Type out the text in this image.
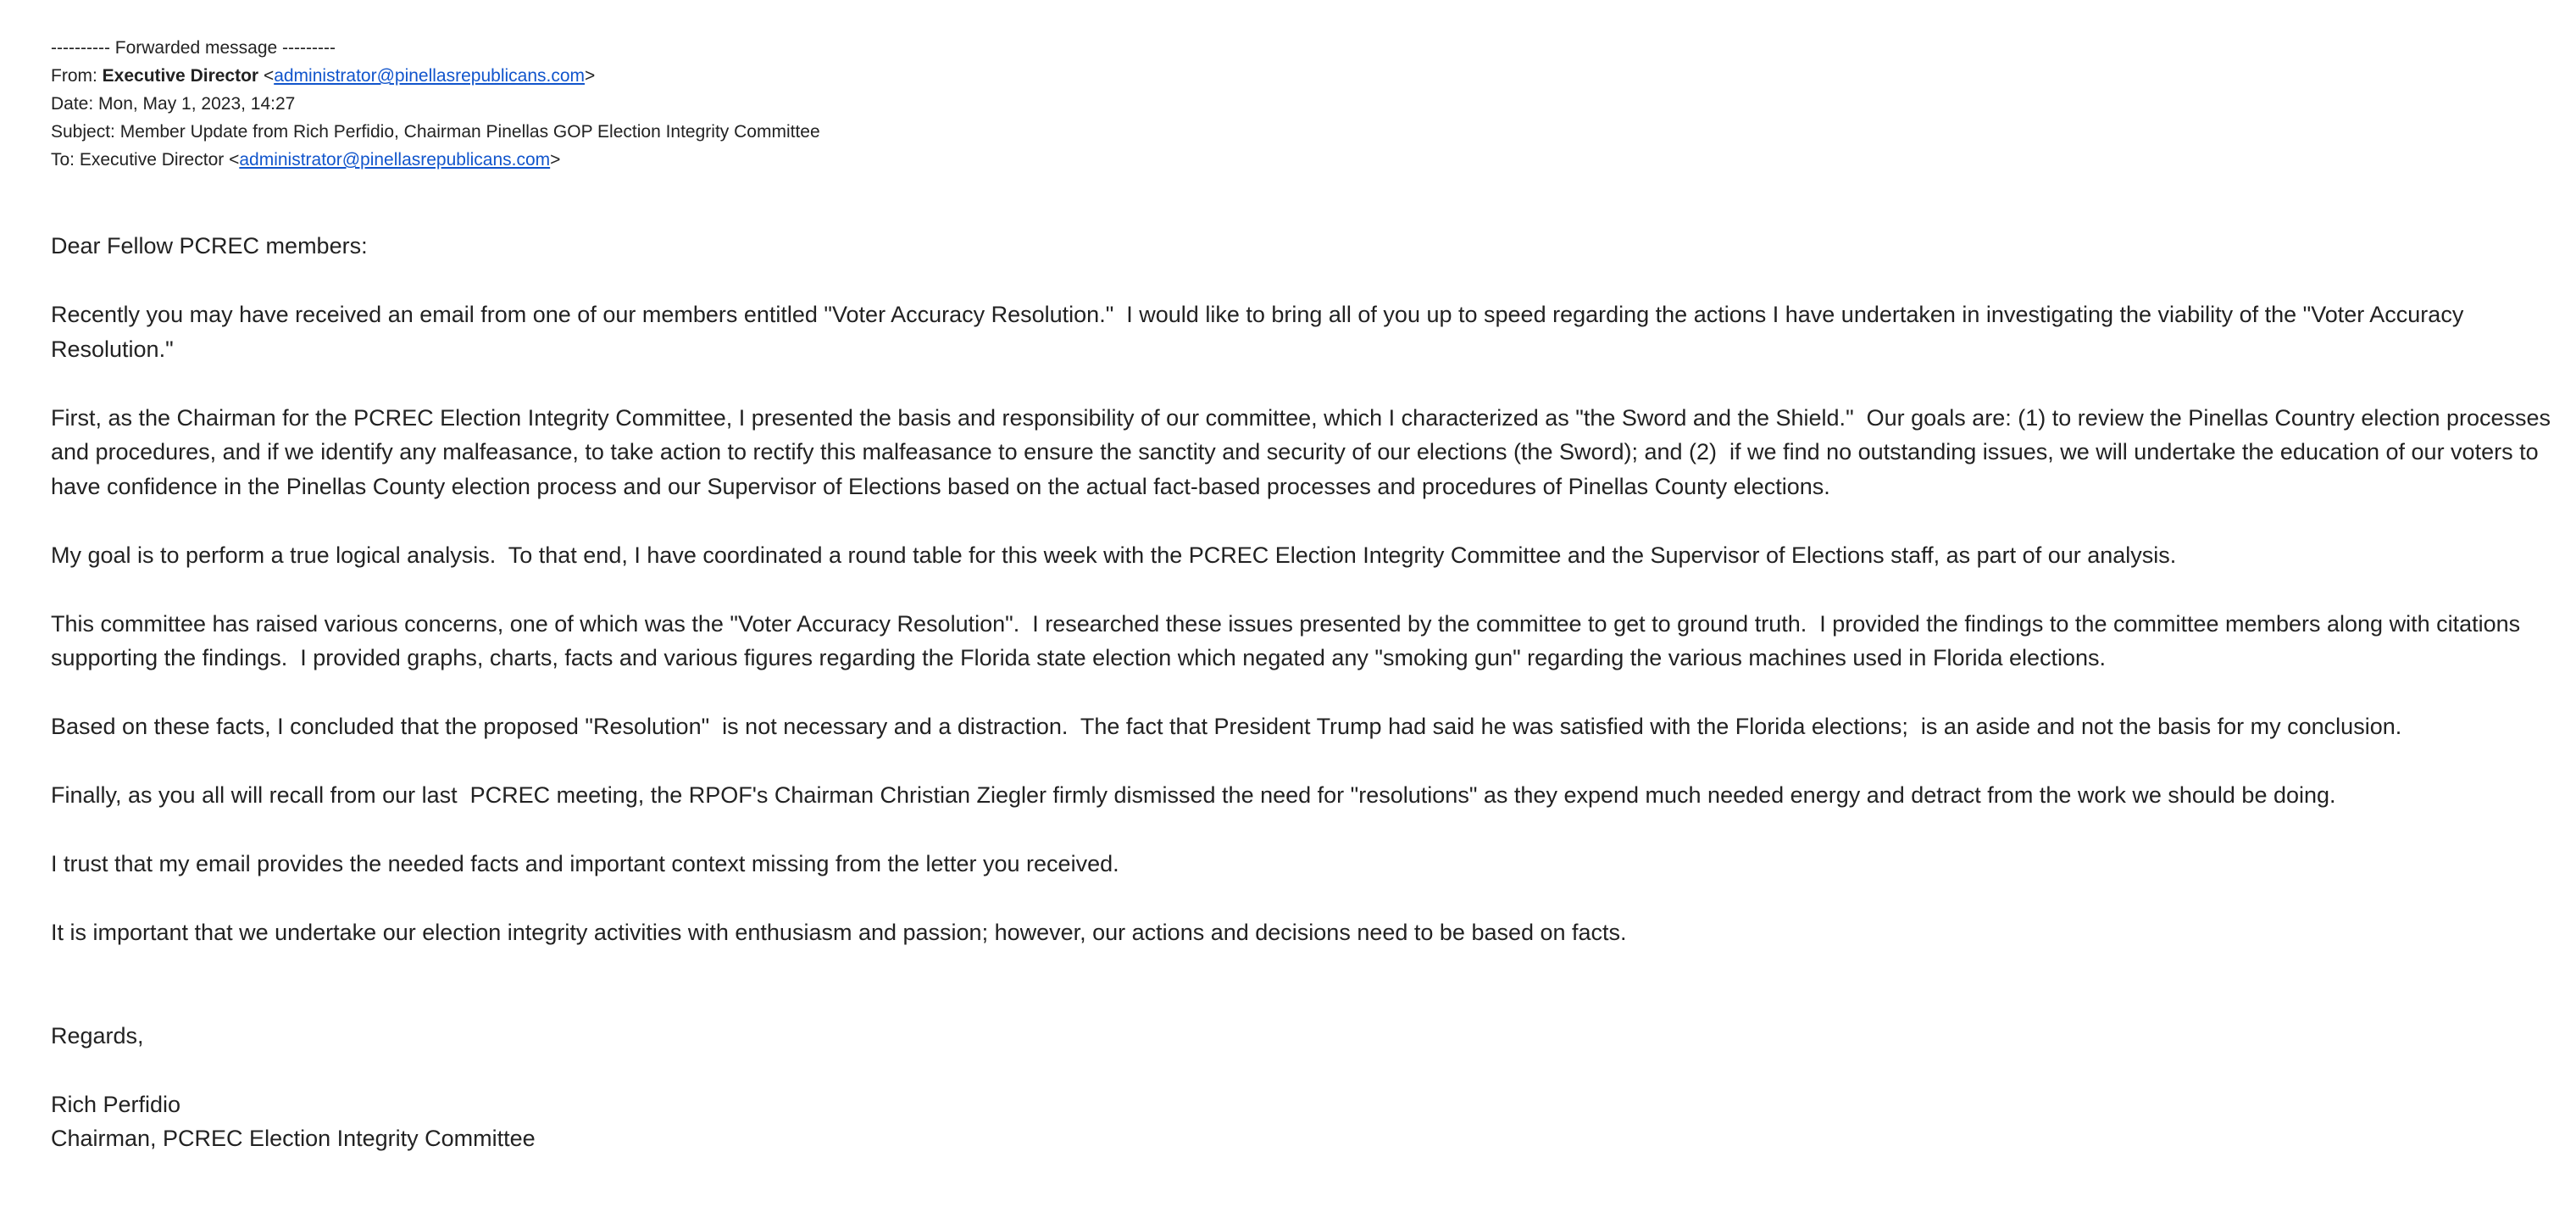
---------- Forwarded message ---------
From: Executive Director <administrator@pinellasrepublicans.com>
Date: Mon, May 1, 2023, 14:27
Subject: Member Update from Rich Perfidio, Chairman Pinellas GOP Election Integrity Committee
To: Executive Director <administrator@pinellasrepublicans.com>

Dear Fellow PCREC members:

Recently you may have received an email from one of our members entitled "Voter Accuracy Resolution."  I would like to bring all of you up to speed regarding the actions I have undertaken in investigating the viability of the "Voter Accuracy Resolution."

First, as the Chairman for the PCREC Election Integrity Committee, I presented the basis and responsibility of our committee, which I characterized as "the Sword and the Shield."  Our goals are: (1) to review the Pinellas Country election processes and procedures, and if we identify any malfeasance, to take action to rectify this malfeasance to ensure the sanctity and security of our elections (the Sword); and (2)  if we find no outstanding issues, we will undertake the education of our voters to have confidence in the Pinellas County election process and our Supervisor of Elections based on the actual fact-based processes and procedures of Pinellas County elections.

My goal is to perform a true logical analysis.  To that end, I have coordinated a round table for this week with the PCREC Election Integrity Committee and the Supervisor of Elections staff, as part of our analysis.

This committee has raised various concerns, one of which was the "Voter Accuracy Resolution".  I researched these issues presented by the committee to get to ground truth.  I provided the findings to the committee members along with citations supporting the findings.  I provided graphs, charts, facts and various figures regarding the Florida state election which negated any "smoking gun" regarding the various machines used in Florida elections.

Based on these facts, I concluded that the proposed "Resolution"  is not necessary and a distraction.  The fact that President Trump had said he was satisfied with the Florida elections;  is an aside and not the basis for my conclusion.

Finally, as you all will recall from our last  PCREC meeting, the RPOF's Chairman Christian Ziegler firmly dismissed the need for "resolutions" as they expend much needed energy and detract from the work we should be doing.

I trust that my email provides the needed facts and important context missing from the letter you received.

It is important that we undertake our election integrity activities with enthusiasm and passion; however, our actions and decisions need to be based on facts.

Regards,

Rich Perfidio
Chairman, PCREC Election Integrity Committee
